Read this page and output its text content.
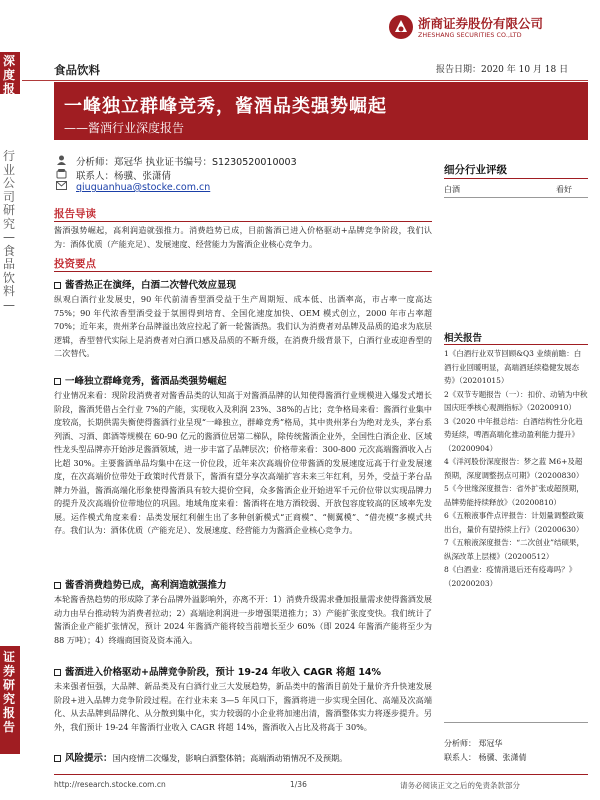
浙商证券股份有限公司
ZHESHANG SECURITIES CO.,LTD
深度报告
食品饮料	报告日期：2020 年 10 月 18 日
一峰独立群峰竞秀，酱酒品类强势崛起
——酱酒行业深度报告
行业公司研究—食品饮料—
证券研究报告
分析师：郑冠华 执业证书编号：S1230520010003
联系人：杨骥、张潇倩
qiuguanhua@stocke.com.cn
细分行业评级
白酒	看好
报告导读
酱酒强势崛起，高利润造就强推力。消费趋势已成，目前酱酒已进入价格驱动+品牌竞争阶段，我们认为：酒体优质（产能充足）、发展速度、经营能力为酱酒企业核心竞争力。
投资要点
酱香热正在演绎，白酒二次替代效应显现
纵观白酒行业发展史，90 年代前清香型酒受益于生产周期短、成本低、出酒率高，市占率一度高达 75%；90 年代浓香型酒受益于氛围得到培育、全国化速度加快、OEM 模式创立，2000 年市占率超 70%；近年来，贵州茅台品牌溢出效应拉起了新一轮酱酒热。我们认为消费者对品牌及品质的追求为底层逻辑，香型替代实际上是消费者对白酒口感及品质的不断升级，在消费升级背景下，白酒行业或迎香型的二次替代。
一峰独立群峰竞秀，酱酒品类强势崛起
行业情况来看：现阶段消费者对酱香品类的认知高于对酱酒品牌的认知使得酱酒行业规模进入爆发式增长阶段，酱酒凭借占全行业 7%的产能，实现收入及利润 23%、38%的占比；竞争格局来看：酱酒行业集中度较高，长期供需失衡使得酱酒行业呈现“一峰独立，群峰竞秀”格局，其中贵州茅台为绝对龙头，茅台系列酒、习酒、郎酒等规模在 60-90 亿元的酱酒位居第二梯队，除传统酱酒企业外，全国性白酒企业、区域性龙头型品牌亦开始涉足酱酒领域，进一步丰富了品牌层次；价格带来看：300-800 元次高端酱酒收入占比超 30%。主要酱酒单品均集中在这一价位段，近年来次高端价位带酱酒的发展速度远高于行业发展速度，在次高端价位带处于政策时代背景下，酱酒有望分享次高端扩容未来三年红利，另外，受益于茅台品牌力外溢，酱酒高端化形象使得酱酒具有较大提价空间，众多酱酒企业开始进军千元价位带以实现品牌力的提升及次高端价位带地位的巩固。地域角度来看：酱酒将在地方酒较弱、开放包容度较高的区域率先发展。运作模式角度来看：品类发展红利催生出了多种创新模式“正商模”、“侧翼模”、“借壳模”多模式共存。我们认为：酒体优质（产能充足）、发展速度、经营能力为酱酒企业核心竞争力。
酱香消费趋势已成，高利润造就强推力
本轮酱香热趋势的形成除了茅台品牌外溢影响外，亦离不开：1）消费升级需求叠加报量需求使得酱酒发展动力由早台推动转为消费者拉动；2）高端途利润进一步增强渠道推力；3）产能扩张度变快。我们统计了酱酒企业产能扩张情况，预计 2024 年酱酒产能将较当前增长至少 60%（即 2024 年酱酒产能将至少为 88 万吨）；4）终端商国资及资本涌入。
酱酒进入价格驱动+品牌竞争阶段，预计 19-24 年收入 CAGR 将超 14%
未来强者恒强，大品牌、新品类及有白酒行业三大发展趋势，新品类中的酱酒目前处于量价齐升快速发展阶段+进入品牌力竞争阶段过程。在行业未来 3—5 年风口下，酱酒将进一步实现全国化、高端及次高端化、从去品牌到品牌化、从分散到集中化，实力较弱的小企业将加速出清，酱酒整体实力将逐步提升。另外，我们预计 19-24 年酱酒行业收入 CAGR 将超 14%，酱酒收入占比及将高于 30%。
风险提示：国内疫情二次爆发，影响白酒整体销；高端酒动销情况不及预期。
相关报告
1《白酒行业双节回顾&Q3 业绩前瞻：白酒行业回暖明显，高端酒延续稳健发展态势》（20201015）
2《双节专题报告（一）：扣价、动销为中秋国庆旺季核心观测指标》（20200910）
3《2020 中年报总结：白酒结构性分化趋势延续，啤酒高端化推动盈利能力提升》（20200904）
4《洋河股份深度报告：梦之蓝 M6+及超预期，深度调整拐点可期》（20200830）
5《今世缘深度报告：省外扩张或超预期，品牌势能持续释放》（20200810）
6《五粮液事件点评报告：计划量调整政策出台，量价有望持续上行》（20200630）
7《五粮液深度报告：“二次创业”结硕果，纵深改革上层楼》（20200512）
8《白酒业：疫情消退后还有疫毒吗？》（20200203）
分析师： 郑冠华
联系人： 杨骥、张潇倩
http://research.stocke.com.cn	1/36	请务必阅读正文之后的免责条款部分
